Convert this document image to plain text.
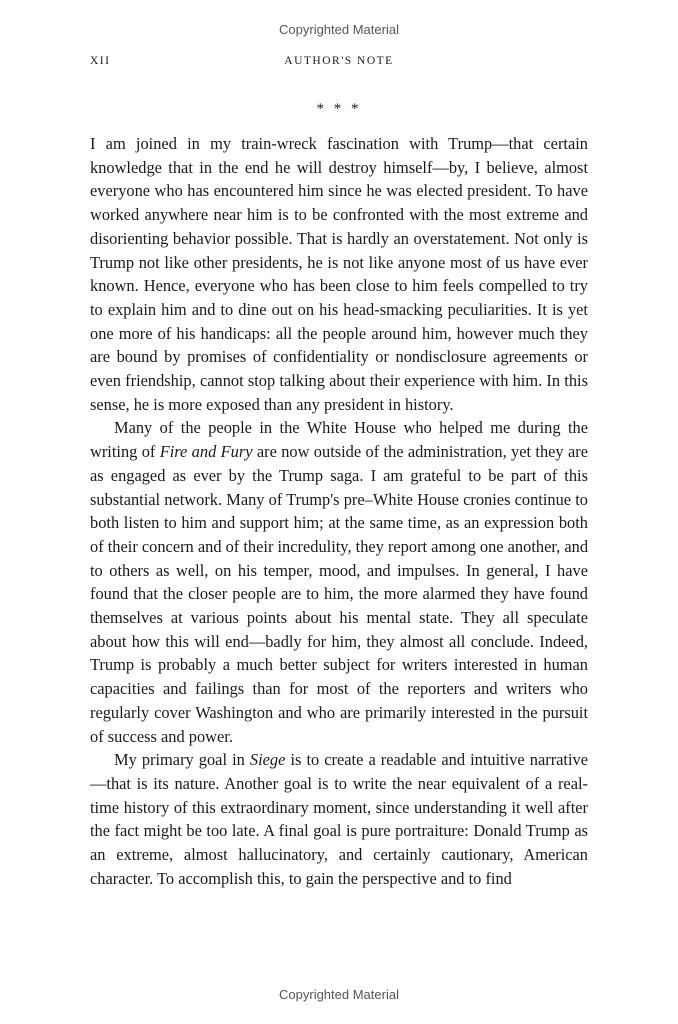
Copyrighted Material
XII	AUTHOR'S NOTE
* * *

I am joined in my train-wreck fascination with Trump—that certain knowledge that in the end he will destroy himself—by, I believe, almost everyone who has encountered him since he was elected president. To have worked anywhere near him is to be confronted with the most extreme and disorienting behavior possible. That is hardly an overstatement. Not only is Trump not like other presidents, he is not like anyone most of us have ever known. Hence, everyone who has been close to him feels compelled to try to explain him and to dine out on his head-smacking peculiarities. It is yet one more of his handicaps: all the people around him, however much they are bound by promises of confidentiality or nondisclosure agreements or even friendship, cannot stop talking about their experience with him. In this sense, he is more exposed than any president in history.

Many of the people in the White House who helped me during the writing of Fire and Fury are now outside of the administration, yet they are as engaged as ever by the Trump saga. I am grateful to be part of this substantial network. Many of Trump's pre–White House cronies continue to both listen to him and support him; at the same time, as an expression both of their concern and of their incredulity, they report among one another, and to others as well, on his temper, mood, and impulses. In general, I have found that the closer people are to him, the more alarmed they have found themselves at various points about his mental state. They all speculate about how this will end—badly for him, they almost all conclude. Indeed, Trump is probably a much better subject for writers interested in human capacities and failings than for most of the reporters and writers who regularly cover Washington and who are primarily interested in the pursuit of success and power.

My primary goal in Siege is to create a readable and intuitive narrative—that is its nature. Another goal is to write the near equivalent of a real-time history of this extraordinary moment, since understanding it well after the fact might be too late. A final goal is pure portraiture: Donald Trump as an extreme, almost hallucinatory, and certainly cautionary, American character. To accomplish this, to gain the perspective and to find

Copyrighted Material
